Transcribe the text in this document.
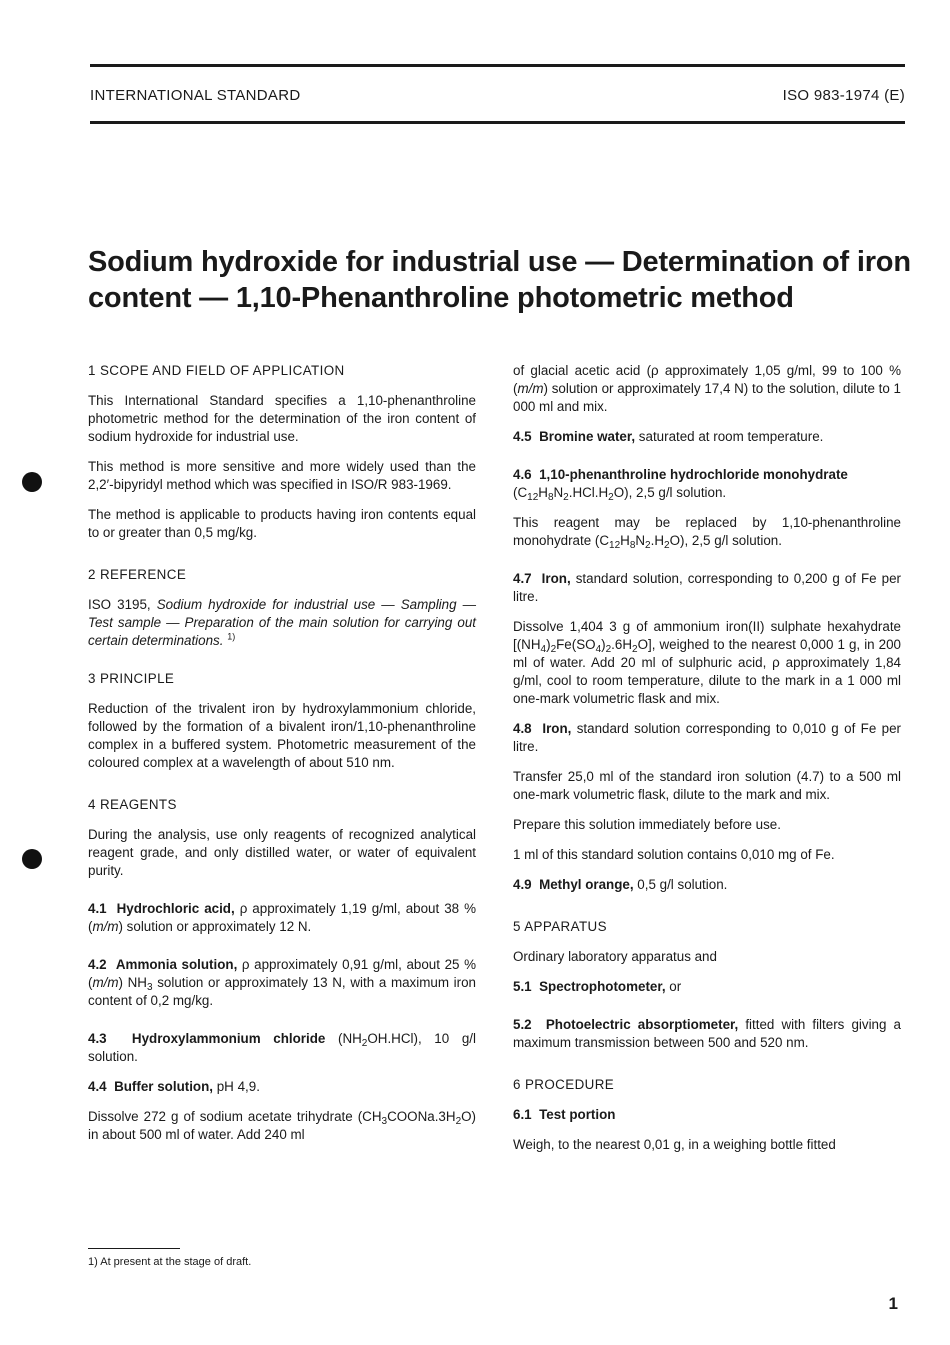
INTERNATIONAL STANDARD	ISO 983-1974 (E)
Sodium hydroxide for industrial use — Determination of iron
content — 1,10-Phenanthroline photometric method
1 SCOPE AND FIELD OF APPLICATION

This International Standard specifies a 1,10-phenanthroline photometric method for the determination of the iron content of sodium hydroxide for industrial use.

This method is more sensitive and more widely used than the 2,2′-bipyridyl method which was specified in ISO/R 983-1969.

The method is applicable to products having iron contents equal to or greater than 0,5 mg/kg.

2 REFERENCE

ISO 3195, Sodium hydroxide for industrial use — Sampling — Test sample — Preparation of the main solution for carrying out certain determinations. $^{1)}$

3 PRINCIPLE

Reduction of the trivalent iron by hydroxylammonium chloride, followed by the formation of a bivalent iron/1,10-phenanthroline complex in a buffered system. Photometric measurement of the coloured complex at a wavelength of about 510 nm.

4 REAGENTS

During the analysis, use only reagents of recognized analytical reagent grade, and only distilled water, or water of equivalent purity.

4.1 Hydrochloric acid, ρ approximately 1,19 g/ml, about 38 % (m/m) solution or approximately 12 N.

4.2 Ammonia solution, ρ approximately 0,91 g/ml, about 25 % (m/m) $NH_3$ solution or approximately 13 N, with a maximum iron content of 0,2 mg/kg.

4.3 Hydroxylammonium chloride $(NH_2OH.HCl)$, 10 g/l solution.

4.4 Buffer solution, pH 4,9.

Dissolve 272 g of sodium acetate trihydrate $(CH_3COONa.3H_2O)$ in about 500 ml of water. Add 240 ml

of glacial acetic acid (ρ approximately 1,05 g/ml, 99 to 100 % (m/m) solution or approximately 17,4 N) to the solution, dilute to 1 000 ml and mix.

4.5 Bromine water, saturated at room temperature.

4.6 1,10-phenanthroline hydrochloride monohydrate
$(C_{12}H_8N_2.HCl.H_2O)$, 2,5 g/l solution.

This reagent may be replaced by 1,10-phenanthroline monohydrate $(C_{12}H_8N_2.H_2O)$, 2,5 g/l solution.

4.7 Iron, standard solution, corresponding to 0,200 g of Fe per litre.

Dissolve 1,404 3 g of ammonium iron(II) sulphate hexahydrate $[(NH_4)_2Fe(SO_4)_2.6H_2O]$, weighed to the nearest 0,000 1 g, in 200 ml of water. Add 20 ml of sulphuric acid, ρ approximately 1,84 g/ml, cool to room temperature, dilute to the mark in a 1 000 ml one-mark volumetric flask and mix.

4.8 Iron, standard solution corresponding to 0,010 g of Fe per litre.

Transfer 25,0 ml of the standard iron solution (4.7) to a 500 ml one-mark volumetric flask, dilute to the mark and mix.

Prepare this solution immediately before use.

1 ml of this standard solution contains 0,010 mg of Fe.

4.9 Methyl orange, 0,5 g/l solution.

5 APPARATUS

Ordinary laboratory apparatus and

5.1 Spectrophotometer, or

5.2 Photoelectric absorptiometer, fitted with filters giving a maximum transmission between 500 and 520 nm.

6 PROCEDURE

6.1 Test portion

Weigh, to the nearest 0,01 g, in a weighing bottle fitted

1) At present at the stage of draft.
1
